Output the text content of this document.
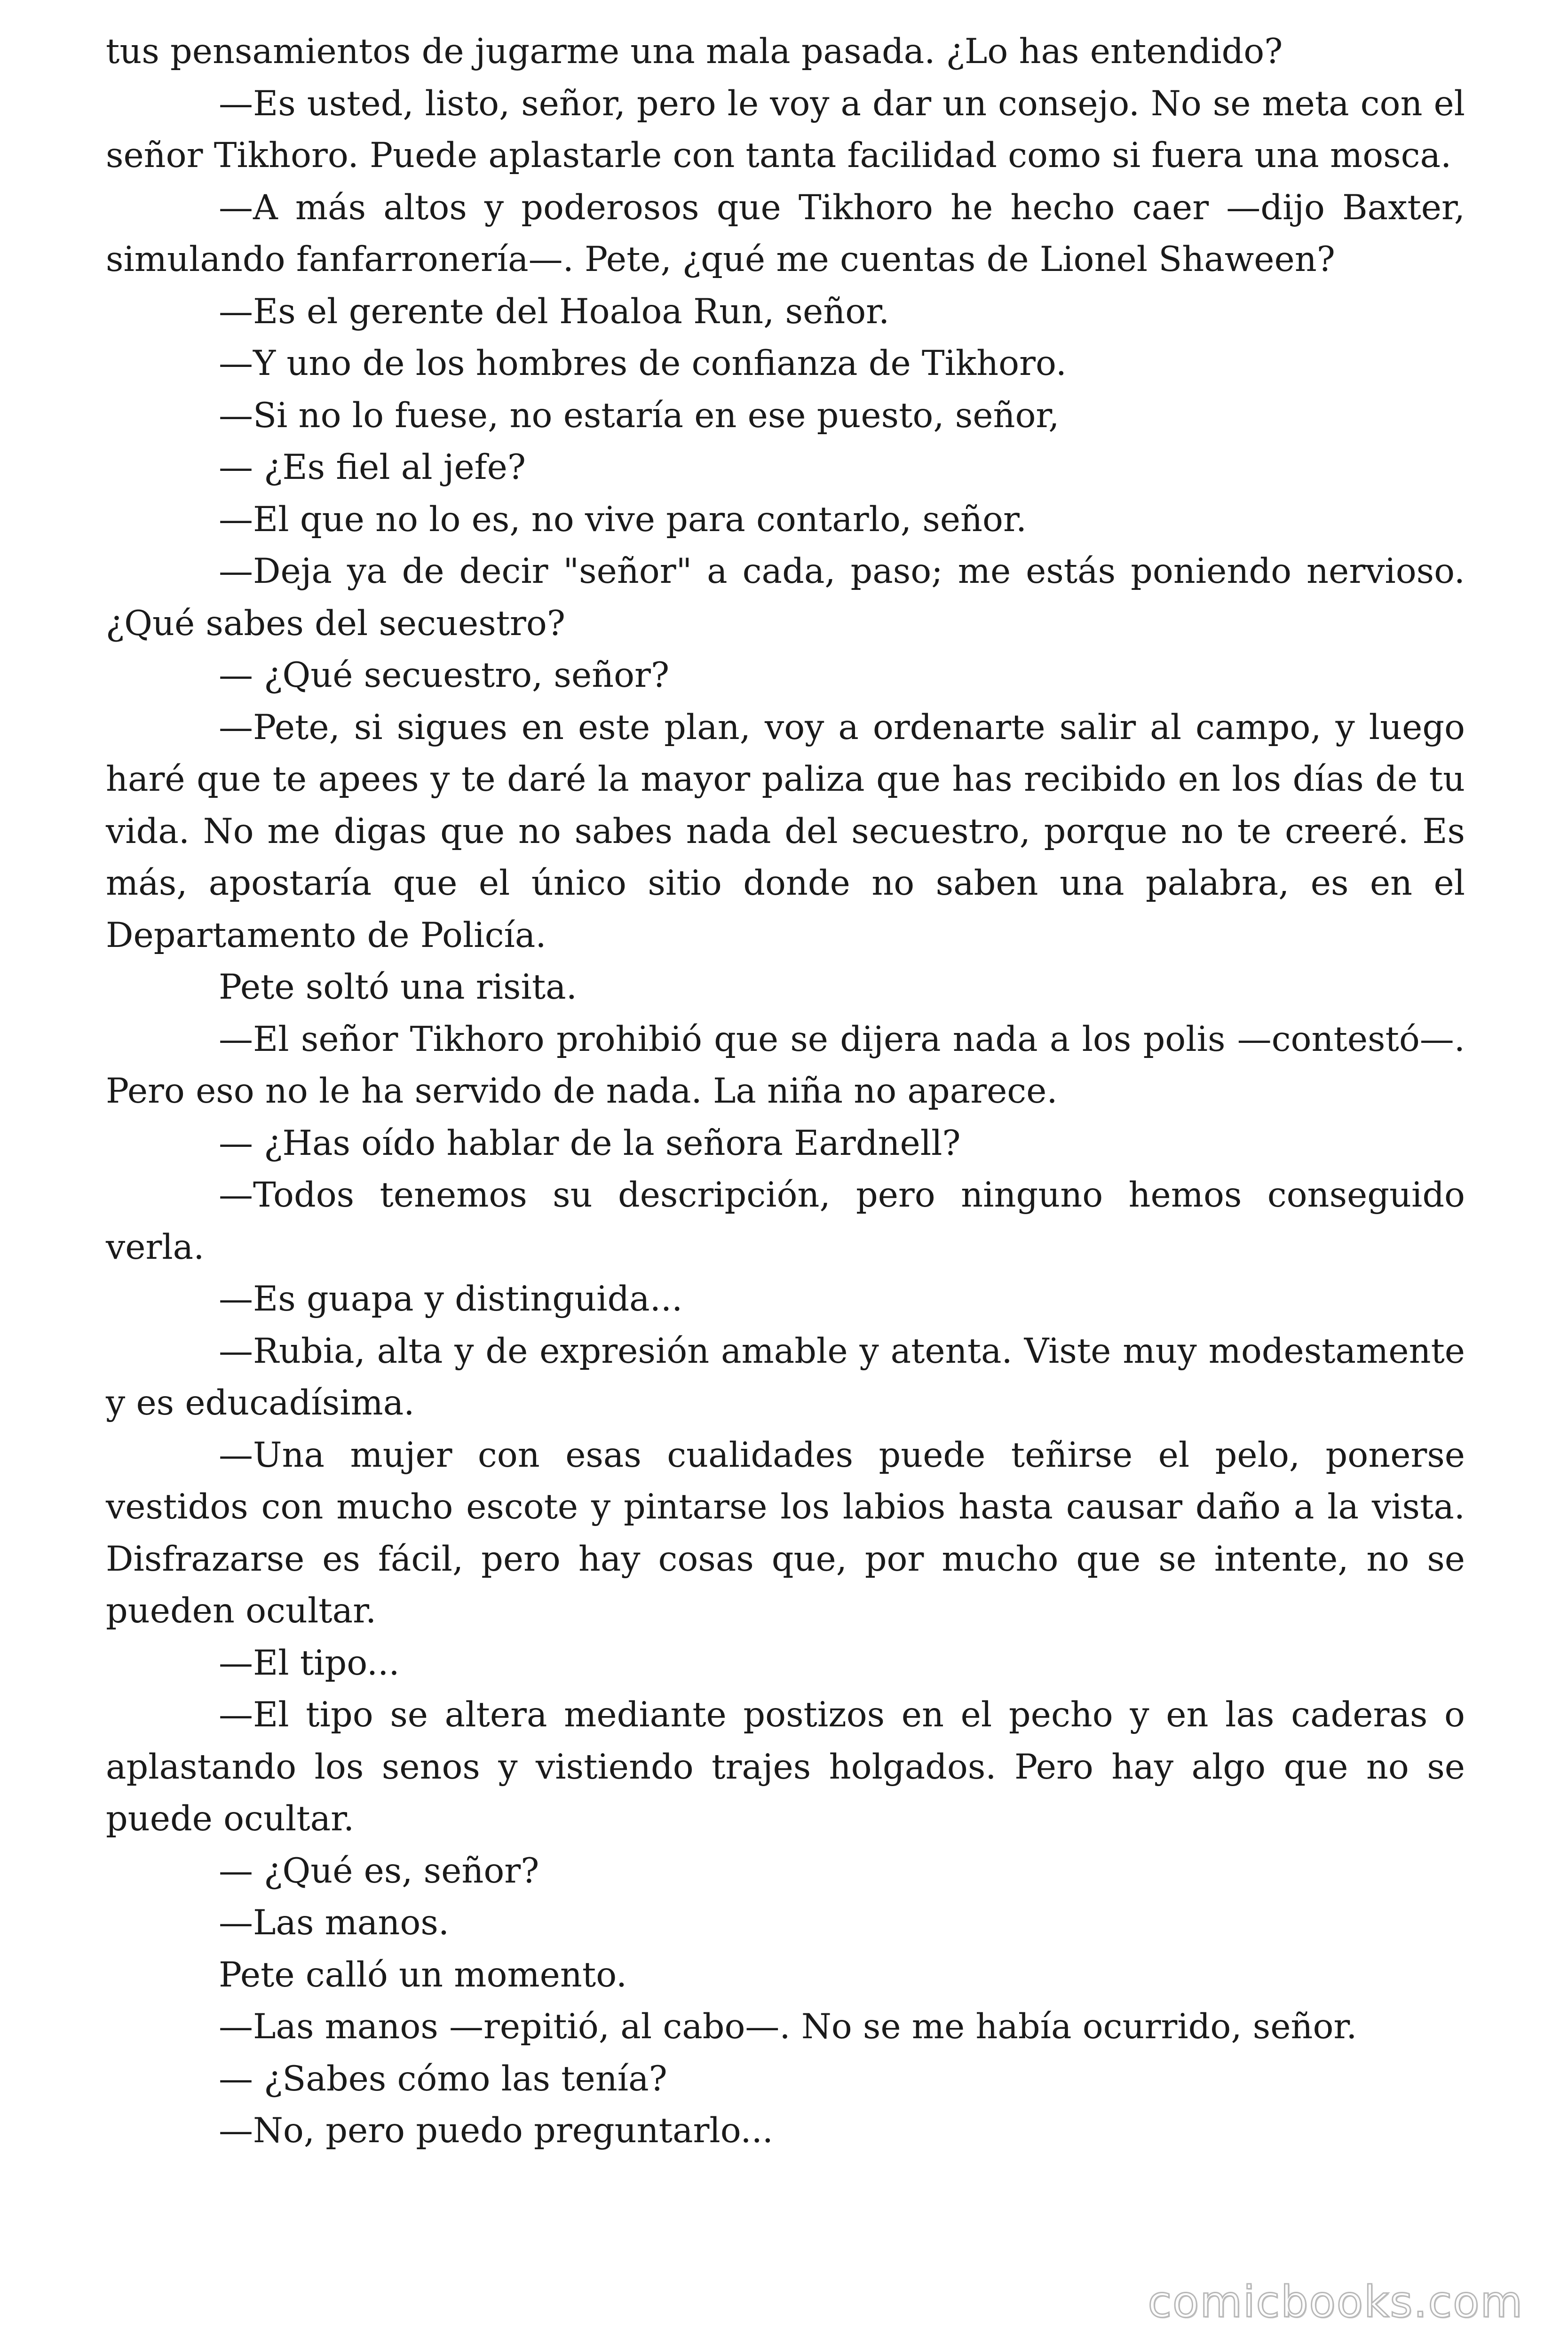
tus pensamientos de jugarme una mala pasada. ¿Lo has entendido?

—Es usted, listo, señor, pero le voy a dar un consejo. No se meta con el señor Tikhoro. Puede aplastarle con tanta facilidad como si fuera una mosca.

—A más altos y poderosos que Tikhoro he hecho caer —dijo Baxter, simulando fanfarronería—. Pete, ¿qué me cuentas de Lionel Shaween?

—Es el gerente del Hoaloa Run, señor.

—Y uno de los hombres de confianza de Tikhoro.

—Si no lo fuese, no estaría en ese puesto, señor,

— ¿Es fiel al jefe?

—El que no lo es, no vive para contarlo, señor.

—Deja ya de decir "señor" a cada, paso; me estás poniendo nervioso. ¿Qué sabes del secuestro?

— ¿Qué secuestro, señor?

—Pete, si sigues en este plan, voy a ordenarte salir al campo, y luego haré que te apees y te daré la mayor paliza que has recibido en los días de tu vida. No me digas que no sabes nada del secuestro, porque no te creeré. Es más, apostaría que el único sitio donde no saben una palabra, es en el Departamento de Policía.

Pete soltó una risita.

—El señor Tikhoro prohibió que se dijera nada a los polis —contestó—. Pero eso no le ha servido de nada. La niña no aparece.

— ¿Has oído hablar de la señora Eardnell?

—Todos tenemos su descripción, pero ninguno hemos conseguido verla.

—Es guapa y distinguida...

—Rubia, alta y de expresión amable y atenta. Viste muy modestamente y es educadísima.

—Una mujer con esas cualidades puede teñirse el pelo, ponerse vestidos con mucho escote y pintarse los labios hasta causar daño a la vista. Disfrazarse es fácil, pero hay cosas que, por mucho que se intente, no se pueden ocultar.

—El tipo...

—El tipo se altera mediante postizos en el pecho y en las caderas o aplastando los senos y vistiendo trajes holgados. Pero hay algo que no se puede ocultar.

— ¿Qué es, señor?

—Las manos.

Pete calló un momento.

—Las manos —repitió, al cabo—. No se me había ocurrido, señor.

— ¿Sabes cómo las tenía?

—No, pero puedo preguntarlo...

comicbooks.com
